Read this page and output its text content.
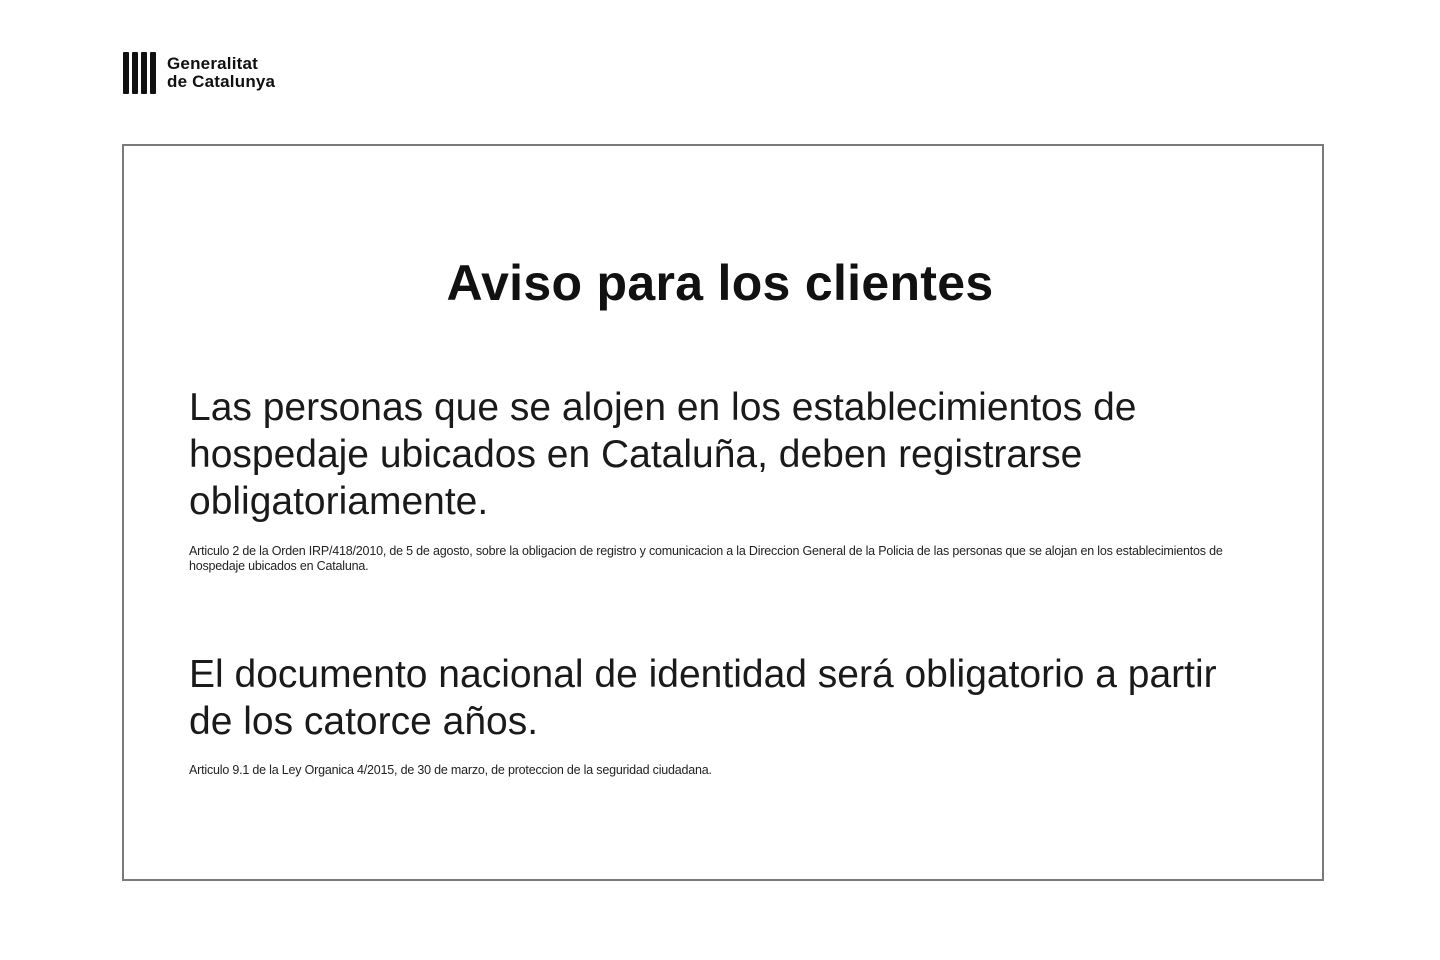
Generalitat
de Catalunya
Aviso para los clientes

Las personas que se alojen en los establecimientos de hospedaje ubicados en Cataluña, deben registrarse obligatoriamente.

Articulo 2 de la Orden IRP/418/2010, de 5 de agosto, sobre la obligacion de registro y comunicacion a la Direccion General de la Policia de las personas que se alojan en los establecimientos de hospedaje ubicados en Cataluna.

El documento nacional de identidad será obligatorio a partir de los catorce años.

Articulo 9.1 de la Ley Organica 4/2015, de 30 de marzo, de proteccion de la seguridad ciudadana.
